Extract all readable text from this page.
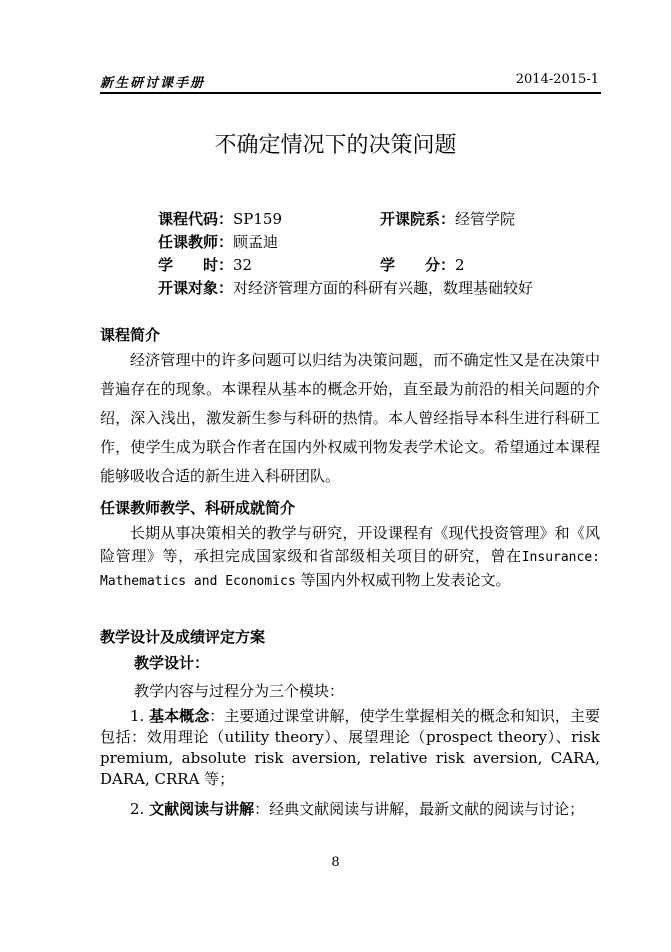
新生研讨课手册	2014-2015-1
不确定情况下的决策问题
课程代码：SP159	开课院系：经管学院
任课教师：顾孟迪
学　　时：32	学　　分：2
开课对象：对经济管理方面的科研有兴趣，数理基础较好
课程简介
经济管理中的许多问题可以归结为决策问题，而不确定性又是在决策中普遍存在的现象。本课程从基本的概念开始，直至最为前沿的相关问题的介绍，深入浅出，激发新生参与科研的热情。本人曾经指导本科生进行科研工作，使学生成为联合作者在国内外权威刊物发表学术论文。希望通过本课程能够吸收合适的新生进入科研团队。
任课教师教学、科研成就简介
长期从事决策相关的教学与研究，开设课程有《现代投资管理》和《风险管理》等，承担完成国家级和省部级相关项目的研究，曾在Insurance: Mathematics and Economics 等国内外权威刊物上发表论文。
教学设计及成绩评定方案
教学设计：
教学内容与过程分为三个模块：
1. 基本概念：主要通过课堂讲解，使学生掌握相关的概念和知识，主要包括：效用理论（utility theory）、展望理论（prospect theory）、risk premium, absolute risk aversion, relative risk aversion, CARA, DARA, CRRA 等；
2. 文献阅读与讲解：经典文献阅读与讲解，最新文献的阅读与讨论；
8
